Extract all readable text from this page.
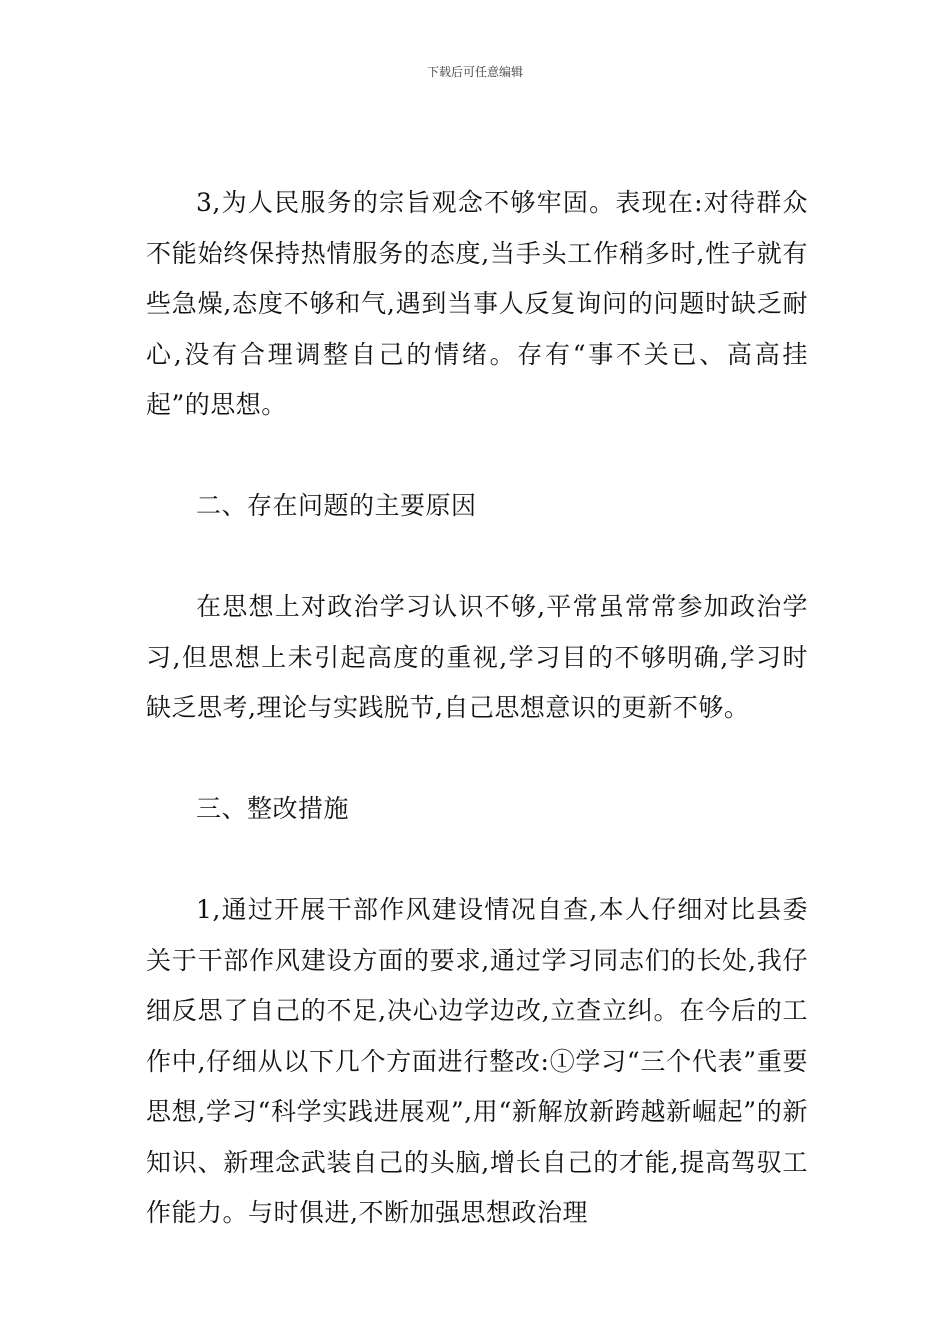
下载后可任意编辑

3,为人民服务的宗旨观念不够牢固。表现在:对待群众不能始终保持热情服务的态度,当手头工作稍多时,性子就有些急燥,态度不够和气,遇到当事人反复询问的问题时缺乏耐心,没有合理调整自己的情绪。存有“事不关已、高高挂起”的思想。

二、存在问题的主要原因

在思想上对政治学习认识不够,平常虽常常参加政治学习,但思想上未引起高度的重视,学习目的不够明确,学习时缺乏思考,理论与实践脱节,自己思想意识的更新不够。

三、整改措施

1,通过开展干部作风建设情况自查,本人仔细对比县委关于干部作风建设方面的要求,通过学习同志们的长处,我仔细反思了自己的不足,决心边学边改,立查立纠。在今后的工作中,仔细从以下几个方面进行整改:①学习“三个代表”重要思想,学习“科学实践进展观”,用“新解放新跨越新崛起”的新知识、新理念武装自己的头脑,增长自己的才能,提高驾驭工作能力。与时俱进,不断加强思想政治理
